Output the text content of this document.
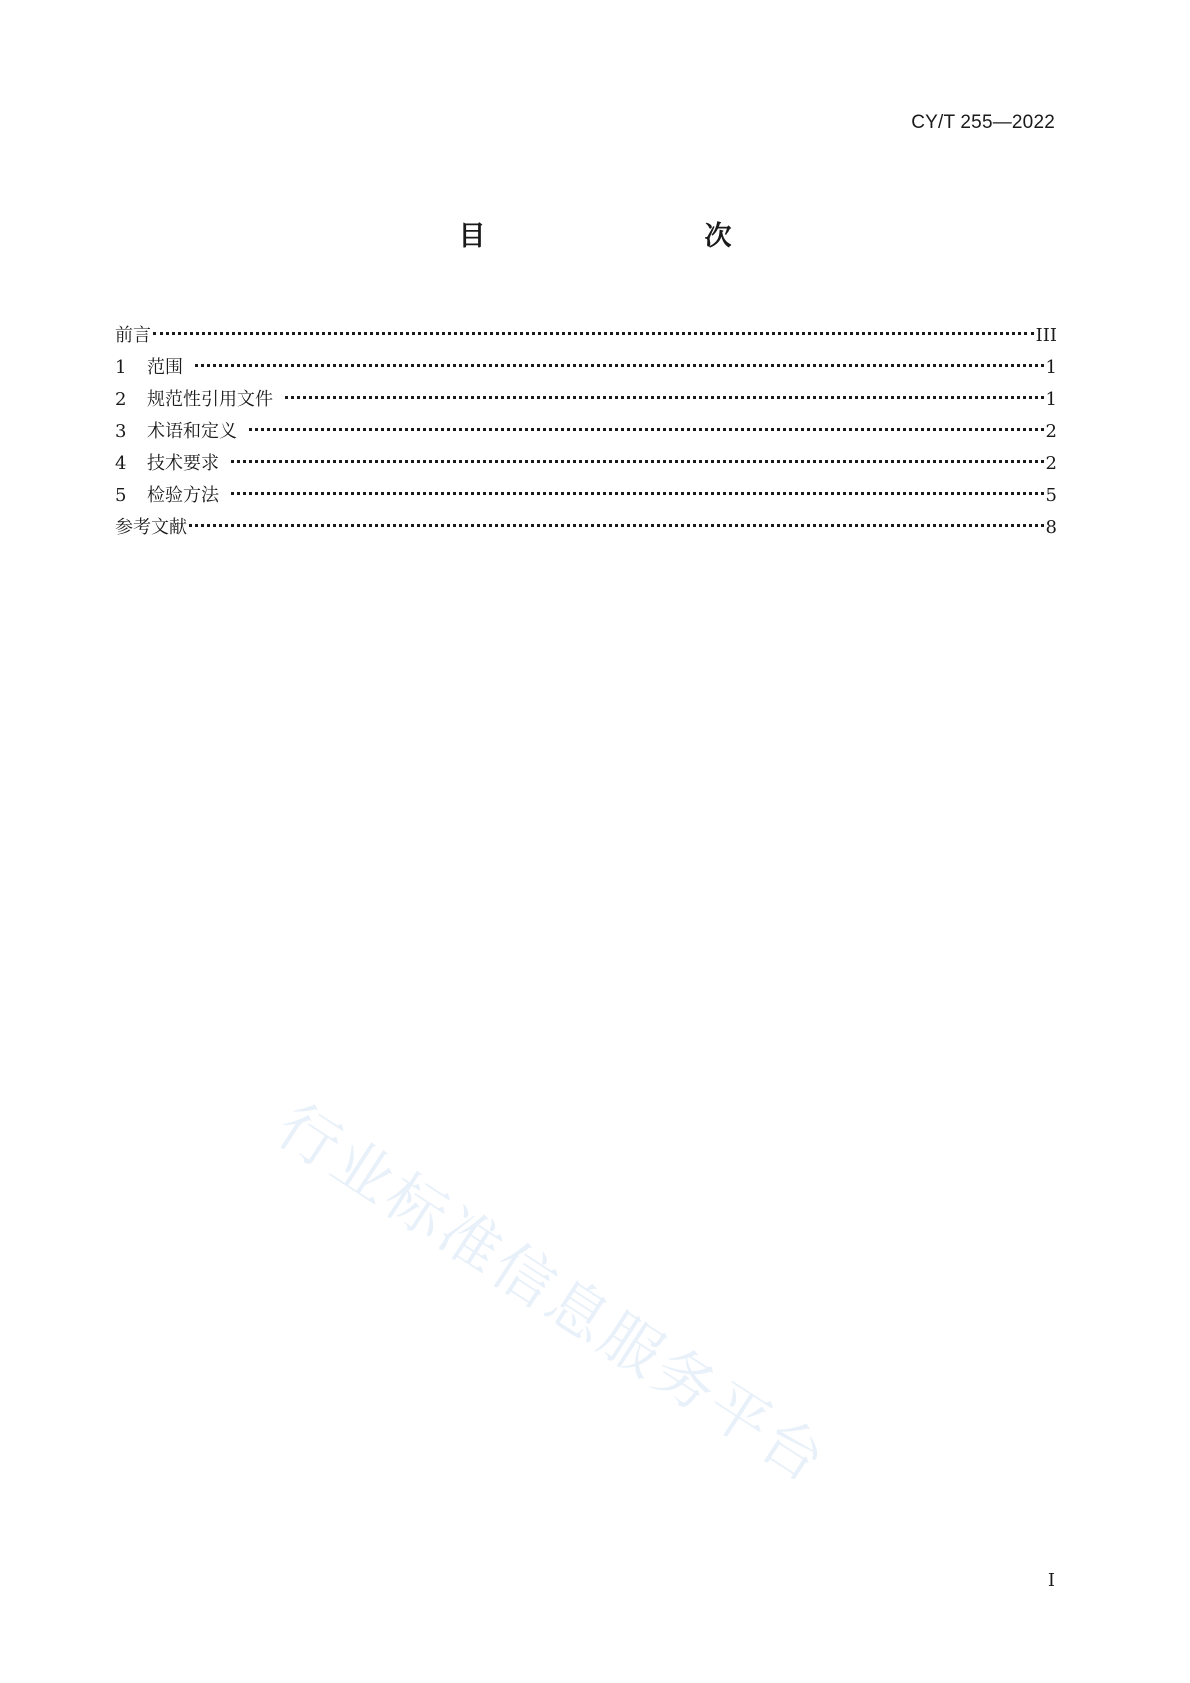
CY/T 255—2022
目　　次
前言	III
1	范围	1
2	规范性引用文件	1
3	术语和定义	2
4	技术要求	2
5	检验方法	5
参考文献	8
行业标准信息服务平台
I
